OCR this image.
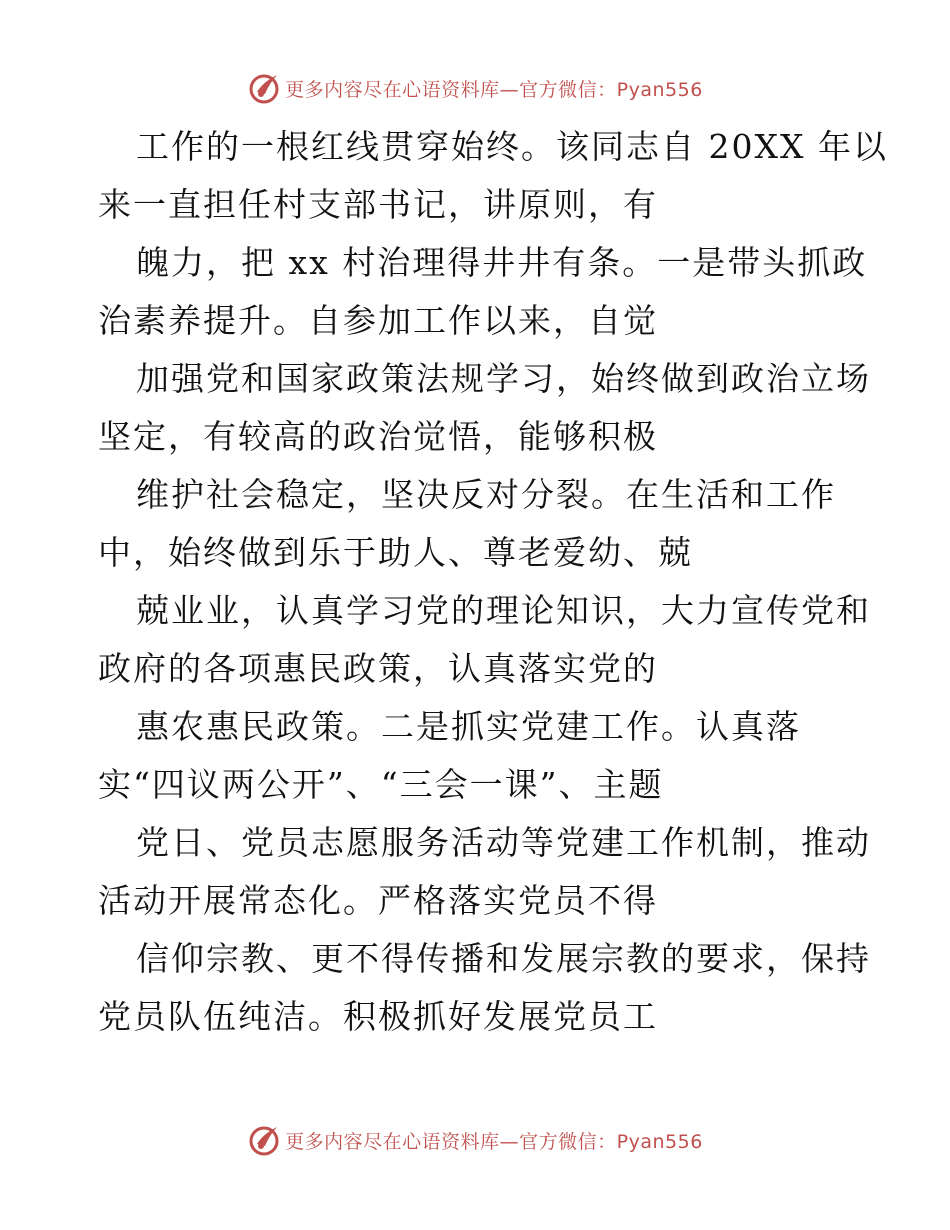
更多内容尽在心语资料库—官方微信：Pyan556
工作的一根红线贯穿始终。该同志自 20XX 年以
来一直担任村支部书记，讲原则，有
魄力，把 xx 村治理得井井有条。一是带头抓政
治素养提升。自参加工作以来，自觉
加强党和国家政策法规学习，始终做到政治立场
坚定，有较高的政治觉悟，能够积极
维护社会稳定，坚决反对分裂。在生活和工作
中，始终做到乐于助人、尊老爱幼、兢
兢业业，认真学习党的理论知识，大力宣传党和
政府的各项惠民政策，认真落实党的
惠农惠民政策。二是抓实党建工作。认真落
实“四议两公开”、“三会一课”、主题
党日、党员志愿服务活动等党建工作机制，推动
活动开展常态化。严格落实党员不得
信仰宗教、更不得传播和发展宗教的要求，保持
党员队伍纯洁。积极抓好发展党员工
更多内容尽在心语资料库—官方微信：Pyan556
